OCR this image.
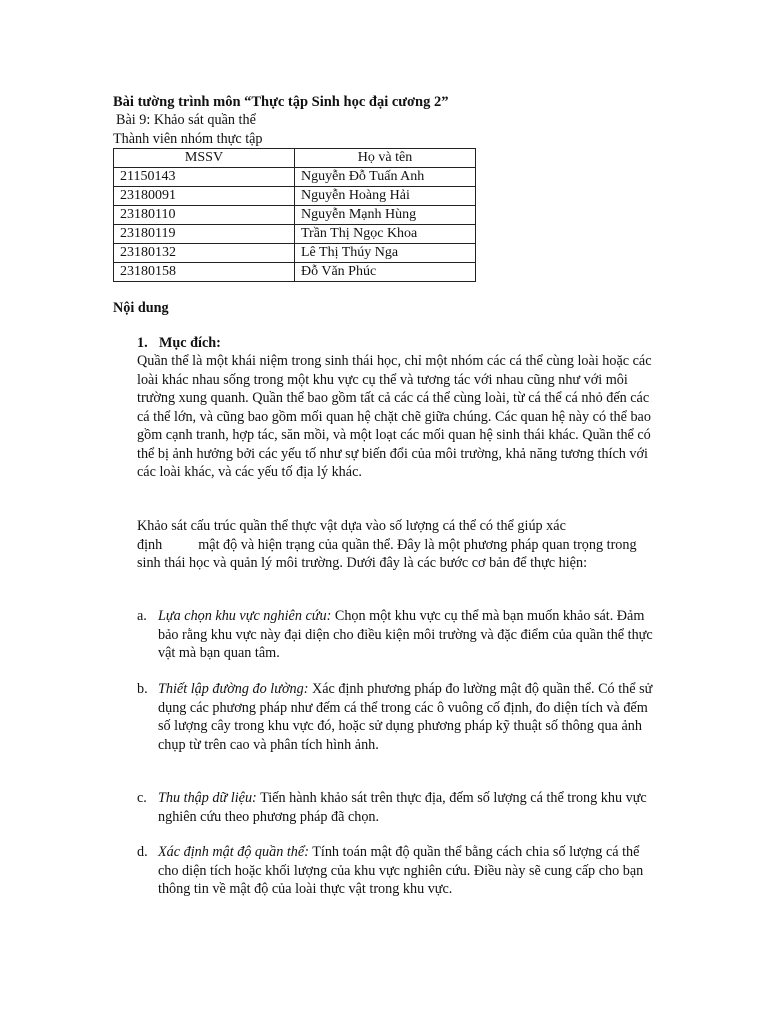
Bài tường trình môn “Thực tập Sinh học đại cương 2”
Bài 9: Khảo sát quần thể
Thành viên nhóm thực tập
MSSV	Họ và tên
21150143	Nguyễn Đỗ Tuấn Anh
23180091	Nguyễn Hoàng Hải
23180110	Nguyễn Mạnh Hùng
23180119	Trần Thị Ngọc Khoa
23180132	Lê Thị Thúy Nga
23180158	Đỗ Văn Phúc
Nội dung
1. Mục đích:
Quần thể là một khái niệm trong sinh thái học, chỉ một nhóm các cá thể cùng loài hoặc các loài khác nhau sống trong một khu vực cụ thể và tương tác với nhau cũng như với môi trường xung quanh. Quần thể bao gồm tất cả các cá thể cùng loài, từ cá thể cá nhỏ đến các cá thể lớn, và cũng bao gồm mối quan hệ chặt chẽ giữa chúng. Các quan hệ này có thể bao gồm cạnh tranh, hợp tác, săn mồi, và một loạt các mối quan hệ sinh thái khác. Quần thể có thể bị ảnh hưởng bởi các yếu tố như sự biến đổi của môi trường, khả năng tương thích với các loài khác, và các yếu tố địa lý khác.
Khảo sát cấu trúc quần thể thực vật dựa vào số lượng cá thể có thể giúp xác
định	mật độ và hiện trạng của quần thể. Đây là một phương pháp quan trọng trong sinh thái học và quản lý môi trường. Dưới đây là các bước cơ bản để thực hiện:
a. Lựa chọn khu vực nghiên cứu: Chọn một khu vực cụ thể mà bạn muốn khảo sát. Đảm bảo rằng khu vực này đại diện cho điều kiện môi trường và đặc điểm của quần thể thực vật mà bạn quan tâm.
b. Thiết lập đường đo lường: Xác định phương pháp đo lường mật độ quần thể. Có thể sử dụng các phương pháp như đếm cá thể trong các ô vuông cố định, đo diện tích và đếm số lượng cây trong khu vực đó, hoặc sử dụng phương pháp kỹ thuật số thông qua ảnh chụp từ trên cao và phân tích hình ảnh.
c. Thu thập dữ liệu: Tiến hành khảo sát trên thực địa, đếm số lượng cá thể trong khu vực nghiên cứu theo phương pháp đã chọn.
d. Xác định mật độ quần thể: Tính toán mật độ quần thể bằng cách chia số lượng cá thể cho diện tích hoặc khối lượng của khu vực nghiên cứu. Điều này sẽ cung cấp cho bạn thông tin về mật độ của loài thực vật trong khu vực.
